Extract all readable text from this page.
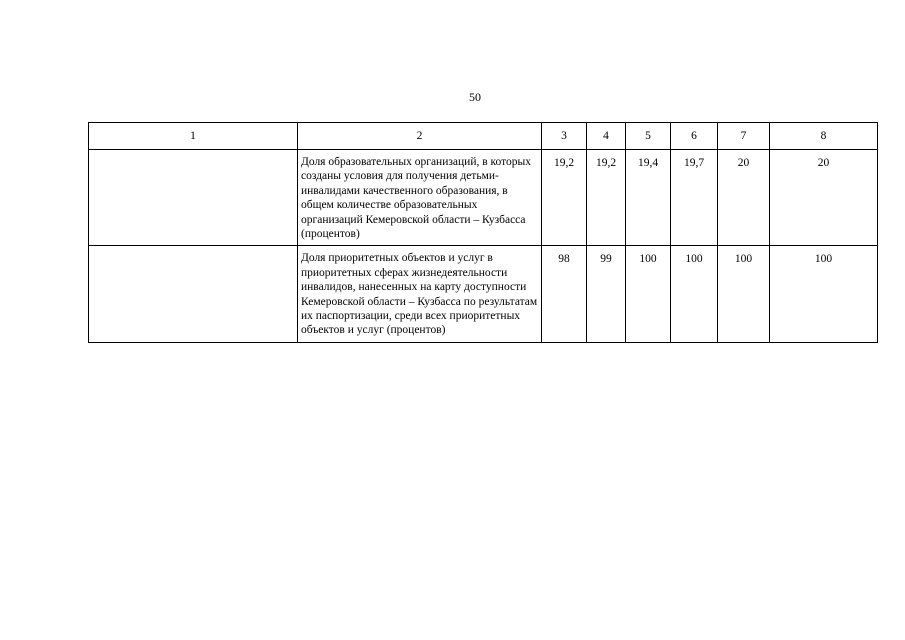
50
1	2	3	4	5	6	7	8
	Доля образовательных организаций, в которых созданы условия для получения детьми-инвалидами качественного образования, в общем количестве образовательных организаций Кемеровской области – Кузбасса (процентов)	19,2	19,2	19,4	19,7	20	20
	Доля приоритетных объектов и услуг в приоритетных сферах жизнедеятельности инвалидов, нанесенных на карту доступности Кемеровской области – Кузбасса по результатам их паспортизации, среди всех приоритетных объектов и услуг (процентов)	98	99	100	100	100	100
